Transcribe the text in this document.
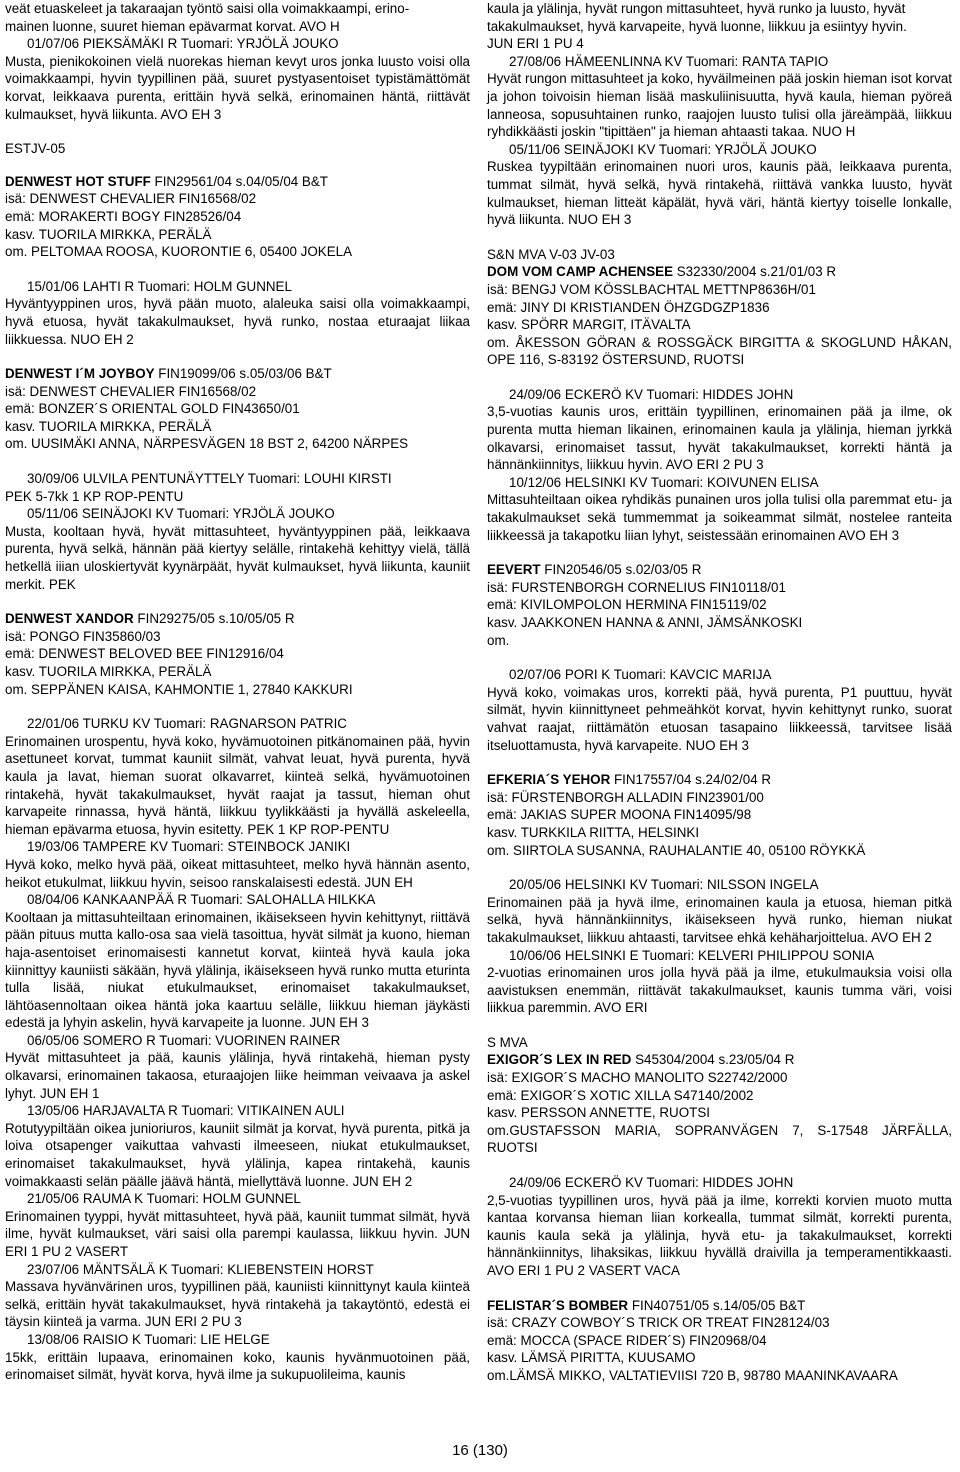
veät etuaskeleet ja takaraajan työntö saisi olla voimakkaampi, erino-

mainen luonne, suuret hieman epävarmat korvat. AVO H

01/07/06 PIEKSÄMÄKI R Tuomari: YRJÖLÄ JOUKO

Musta, pienikokoinen vielä nuorekas hieman kevyt uros jonka luusto voisi olla voimakkaampi, hyvin tyypillinen pää, suuret pystyasentoiset typistämättömät korvat, leikkaava purenta, erittäin hyvä selkä, erinomainen häntä, riittävät kulmaukset, hyvä liikunta. AVO EH 3

ESTJV-05

DENWEST HOT STUFF FIN29561/04 s.04/05/04 B&T

isä: DENWEST CHEVALIER FIN16568/02

emä: MORAKERTI BOGY FIN28526/04

kasv. TUORILA MIRKKA, PERÄLÄ

om. PELTOMAA ROOSA, KUORONTIE 6, 05400 JOKELA

15/01/06 LAHTI R Tuomari: HOLM GUNNEL

Hyväntyyppinen uros, hyvä pään muoto, alaleuka saisi olla voimakkaampi, hyvä etuosa, hyvät takakulmaukset, hyvä runko, nostaa eturaajat liikaa liikkuessa. NUO EH 2

DENWEST I´M JOYBOY FIN19099/06 s.05/03/06 B&T

isä: DENWEST CHEVALIER FIN16568/02

emä: BONZER´S ORIENTAL GOLD FIN43650/01

kasv. TUORILA MIRKKA, PERÄLÄ

om. UUSIMÄKI ANNA, NÄRPESVÄGEN 18 BST 2, 64200 NÄRPES

30/09/06 ULVILA PENTUNÄYTTELY Tuomari: LOUHI KIRSTI

PEK 5-7kk 1 KP ROP-PENTU

05/11/06 SEINÄJOKI KV Tuomari: YRJÖLÄ JOUKO

Musta, kooltaan hyvä, hyvät mittasuhteet, hyväntyyppinen pää, leikkaava purenta, hyvä selkä, hännän pää kiertyy selälle, rintakehä kehittyy vielä, tällä hetkellä iiian uloskiertyvät kyynärpäät, hyvät kulmaukset, hyvä liikunta, kauniit merkit. PEK

DENWEST XANDOR FIN29275/05 s.10/05/05 R

isä: PONGO FIN35860/03

emä: DENWEST BELOVED BEE FIN12916/04

kasv. TUORILA MIRKKA, PERÄLÄ

om. SEPPÄNEN KAISA, KAHMONTIE 1, 27840 KAKKURI

22/01/06 TURKU KV Tuomari: RAGNARSON PATRIC

Erinomainen urospentu, hyvä koko, hyvämuotoinen pitkänomainen pää, hyvin asettuneet korvat, tummat kauniit silmät, vahvat leuat, hyvä purenta, hyvä kaula ja lavat, hieman suorat olkavarret, kiinteä selkä, hyvämuotoinen rintakehä, hyvät takakulmaukset, hyvät raajat ja tassut, hieman ohut karvapeite rinnassa, hyvä häntä, liikkuu tyylikkäästi ja hyvällä askeleella, hieman epävarma etuosa, hyvin esitetty. PEK 1 KP ROP-PENTU

19/03/06 TAMPERE KV Tuomari: STEINBOCK JANIKI

Hyvä koko, melko hyvä pää, oikeat mittasuhteet, melko hyvä hännän asento, heikot etukulmat, liikkuu hyvin, seisoo ranskalaisesti edestä. JUN EH

08/04/06 KANKAANPÄÄ R Tuomari: SALOHALLA HILKKA

Kooltaan ja mittasuhteiltaan erinomainen, ikäisekseen hyvin kehittynyt, riittävä pään pituus mutta kallo-osa saa vielä tasoittua, hyvät silmät ja kuono, hieman haja-asentoiset erinomaisesti kannetut korvat, kiinteä hyvä kaula joka kiinnittyy kauniisti säkään, hyvä ylälinja, ikäisekseen hyvä runko mutta eturinta tulla lisää, niukat etukulmaukset, erinomaiset takakulmaukset, lähtöasennoltaan oikea häntä joka kaartuu selälle, liikkuu hieman jäykästi edestä ja lyhyin askelin, hyvä karvapeite ja luonne. JUN EH 3

06/05/06 SOMERO R Tuomari: VUORINEN RAINER

Hyvät mittasuhteet ja pää, kaunis ylälinja, hyvä rintakehä, hieman pysty olkavarsi, erinomainen takaosa, eturaajojen liike heimman veivaava ja askel lyhyt. JUN EH 1

13/05/06 HARJAVALTA R Tuomari: VITIKAINEN AULI

Rotutyypiltään oikea junioriuros, kauniit silmät ja korvat, hyvä purenta, pitkä ja loiva otsapenger vaikuttaa vahvasti ilmeeseen, niukat etukulmaukset, erinomaiset takakulmaukset, hyvä ylälinja, kapea rintakehä, kaunis voimakkaasti selän päälle jäävä häntä, miellyttävä luonne. JUN EH 2

21/05/06 RAUMA K Tuomari: HOLM GUNNEL

Erinomainen tyyppi, hyvät mittasuhteet, hyvä pää, kauniit tummat silmät, hyvä ilme, hyvät kulmaukset, väri saisi olla parempi kaulassa, liikkuu hyvin. JUN ERI 1 PU 2 VASERT

23/07/06 MÄNTSÄLÄ K Tuomari: KLIEBENSTEIN HORST

Massava hyvänvärinen uros, tyypillinen pää, kauniisti kiinnittynyt kaula kiinteä selkä, erittäin hyvät takakulmaukset, hyvä rintakehä ja takaytöntö, edestä ei täysin kiinteä ja varma. JUN ERI 2 PU 3

13/08/06 RAISIO K Tuomari: LIE HELGE

15kk, erittäin lupaava, erinomainen koko, kaunis hyvänmuotoinen pää, erinomaiset silmät, hyvät korva, hyvä ilme ja sukupuolileima, kaunis

kaula ja ylälinja, hyvät rungon mittasuhteet, hyvä runko ja luusto, hyvät

takakulmaukset, hyvä karvapeite, hyvä luonne, liikkuu ja esiintyy hyvin.

JUN ERI 1 PU 4

27/08/06 HÄMEENLINNA KV Tuomari: RANTA TAPIO

Hyvät rungon mittasuhteet ja koko, hyväilmeinen pää joskin hieman isot korvat ja johon toivoisin hieman lisää maskuliinisuutta, hyvä kaula, hieman pyöreä lanneosa, sopusuhtainen runko, raajojen luusto tulisi olla järeämpää, liikkuu ryhdikkäästi joskin "tipittäen" ja hieman ahtaasti takaa. NUO H

05/11/06 SEINÄJOKI KV Tuomari: YRJÖLÄ JOUKO

Ruskea tyypiltään erinomainen nuori uros, kaunis pää, leikkaava purenta, tummat silmät, hyvä selkä, hyvä rintakehä, riittävä vankka luusto, hyvät kulmaukset, hieman litteät käpälät, hyvä väri, häntä kiertyy toiselle lonkalle, hyvä liikunta. NUO EH 3

S&N MVA V-03 JV-03

DOM VOM CAMP ACHENSEE S32330/2004 s.21/01/03 R

isä: BENGJ VOM KÖSSLBACHTAL METTNP8636H/01

emä: JINY DI KRISTIANDEN ÖHZGDGZP1836

kasv. SPÖRR MARGIT, ITÄVALTA

om. ÅKESSON GÖRAN & ROSSGÄCK BIRGITTA & SKOGLUND HÅKAN, OPE 116, S-83192 ÖSTERSUND, RUOTSI

24/09/06 ECKERÖ KV Tuomari: HIDDES JOHN

3,5-vuotias kaunis uros, erittäin tyypillinen, erinomainen pää ja ilme, ok purenta mutta hieman likainen, erinomainen kaula ja ylälinja, hieman jyrkkä olkavarsi, erinomaiset tassut, hyvät takakulmaukset, korrekti häntä ja hännänkiinnitys, liikkuu hyvin. AVO ERI 2 PU 3

10/12/06 HELSINKI KV Tuomari: KOIVUNEN ELISA

Mittasuhteiltaan oikea ryhdikäs punainen uros jolla tulisi olla paremmat etu- ja takakulmaukset sekä tummemmat ja soikeammat silmät, nostelee ranteita liikkeessä ja takapotku liian lyhyt, seistessään erinomainen AVO EH 3

EEVERT FIN20546/05 s.02/03/05 R

isä: FURSTENBORGH CORNELIUS FIN10118/01

emä: KIVILOMPOLON HERMINA FIN15119/02

kasv. JAAKKONEN HANNA & ANNI, JÄMSÄNKOSKI

om.

02/07/06 PORI K Tuomari: KAVCIC MARIJA

Hyvä koko, voimakas uros, korrekti pää, hyvä purenta, P1 puuttuu, hyvät silmät, hyvin kiinnittyneet pehmeähköt korvat, hyvin kehittynyt runko, suorat vahvat raajat, riittämätön etuosan tasapaino liikkeessä, tarvitsee lisää itseluottamusta, hyvä karvapeite. NUO EH 3

EFKERIA´S YEHOR FIN17557/04 s.24/02/04 R

isä: FÜRSTENBORGH ALLADIN FIN23901/00

emä: JAKIAS SUPER MOONA FIN14095/98

kasv. TURKKILA RIITTA, HELSINKI

om. SIIRTOLA SUSANNA, RAUHALANTIE 40, 05100 RÖYKKÄ

20/05/06 HELSINKI KV Tuomari: NILSSON INGELA

Erinomainen pää ja hyvä ilme, erinomainen kaula ja etuosa, hieman pitkä selkä, hyvä hännänkiinnitys, ikäisekseen hyvä runko, hieman niukat takakulmaukset, liikkuu ahtaasti, tarvitsee ehkä kehäharjoittelua. AVO EH 2

10/06/06 HELSINKI E Tuomari: KELVERI PHILIPPOU SONIA

2-vuotias erinomainen uros jolla hyvä pää ja ilme, etukulmauksia voisi olla aavistuksen enemmän, riittävät takakulmaukset, kaunis tumma väri, voisi liikkua paremmin. AVO ERI

S MVA

EXIGOR´S LEX IN RED S45304/2004 s.23/05/04 R

isä: EXIGOR´S MACHO MANOLITO S22742/2000

emä: EXIGOR´S XOTIC XILLA S47140/2002

kasv. PERSSON ANNETTE, RUOTSI

om.GUSTAFSSON MARIA, SOPRANVÄGEN 7, S-17548 JÄRFÄLLA, RUOTSI

24/09/06 ECKERÖ KV Tuomari: HIDDES JOHN

2,5-vuotias tyypillinen uros, hyvä pää ja ilme, korrekti korvien muoto mutta kantaa korvansa hieman liian korkealla, tummat silmät, korrekti purenta, kaunis kaula sekä ja ylälinja, hyvä etu- ja takakulmaukset, korrekti hännänkiinnitys, lihaksikas, liikkuu hyvällä draivilla ja temperamentikkaasti. AVO ERI 1 PU 2 VASERT VACA

FELISTAR´S BOMBER FIN40751/05 s.14/05/05 B&T

isä: CRAZY COWBOY´S TRICK OR TREAT FIN28124/03

emä: MOCCA (SPACE RIDER´S) FIN20968/04

kasv. LÄMSÄ PIRITTA, KUUSAMO

om.LÄMSÄ MIKKO, VALTATIEVIISI 720 B, 98780 MAANINKAVAARA

16 (130)
